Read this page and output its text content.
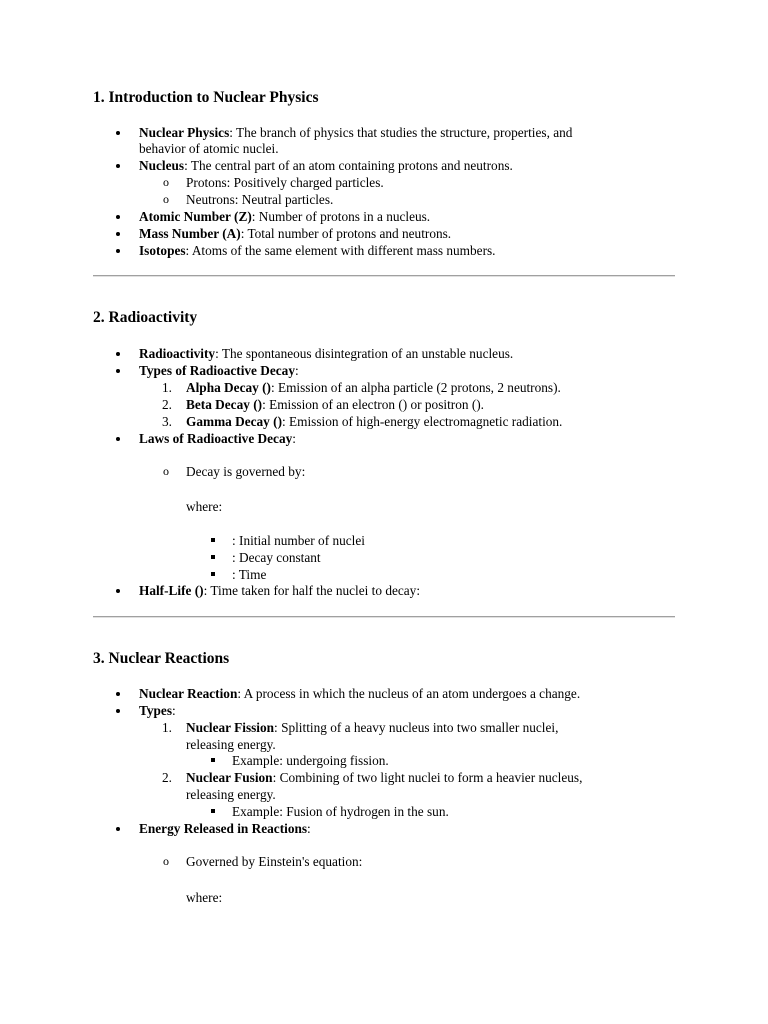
1. Introduction to Nuclear Physics
Nuclear Physics: The branch of physics that studies the structure, properties, and
behavior of atomic nuclei.
Nucleus: The central part of an atom containing protons and neutrons.
o Protons: Positively charged particles.
o Neutrons: Neutral particles.
Atomic Number (Z): Number of protons in a nucleus.
Mass Number (A): Total number of protons and neutrons.
Isotopes: Atoms of the same element with different mass numbers.
2. Radioactivity
Radioactivity: The spontaneous disintegration of an unstable nucleus.
Types of Radioactive Decay:
1. Alpha Decay (): Emission of an alpha particle (2 protons, 2 neutrons).
2. Beta Decay (): Emission of an electron () or positron ().
3. Gamma Decay (): Emission of high-energy electromagnetic radiation.
Laws of Radioactive Decay:
o Decay is governed by:
where:
: Initial number of nuclei
: Decay constant
: Time
Half-Life (): Time taken for half the nuclei to decay:
3. Nuclear Reactions
Nuclear Reaction: A process in which the nucleus of an atom undergoes a change.
Types:
1. Nuclear Fission: Splitting of a heavy nucleus into two smaller nuclei,
releasing energy.
Example: undergoing fission.
2. Nuclear Fusion: Combining of two light nuclei to form a heavier nucleus,
releasing energy.
Example: Fusion of hydrogen in the sun.
Energy Released in Reactions:
o Governed by Einstein's equation:
where:
